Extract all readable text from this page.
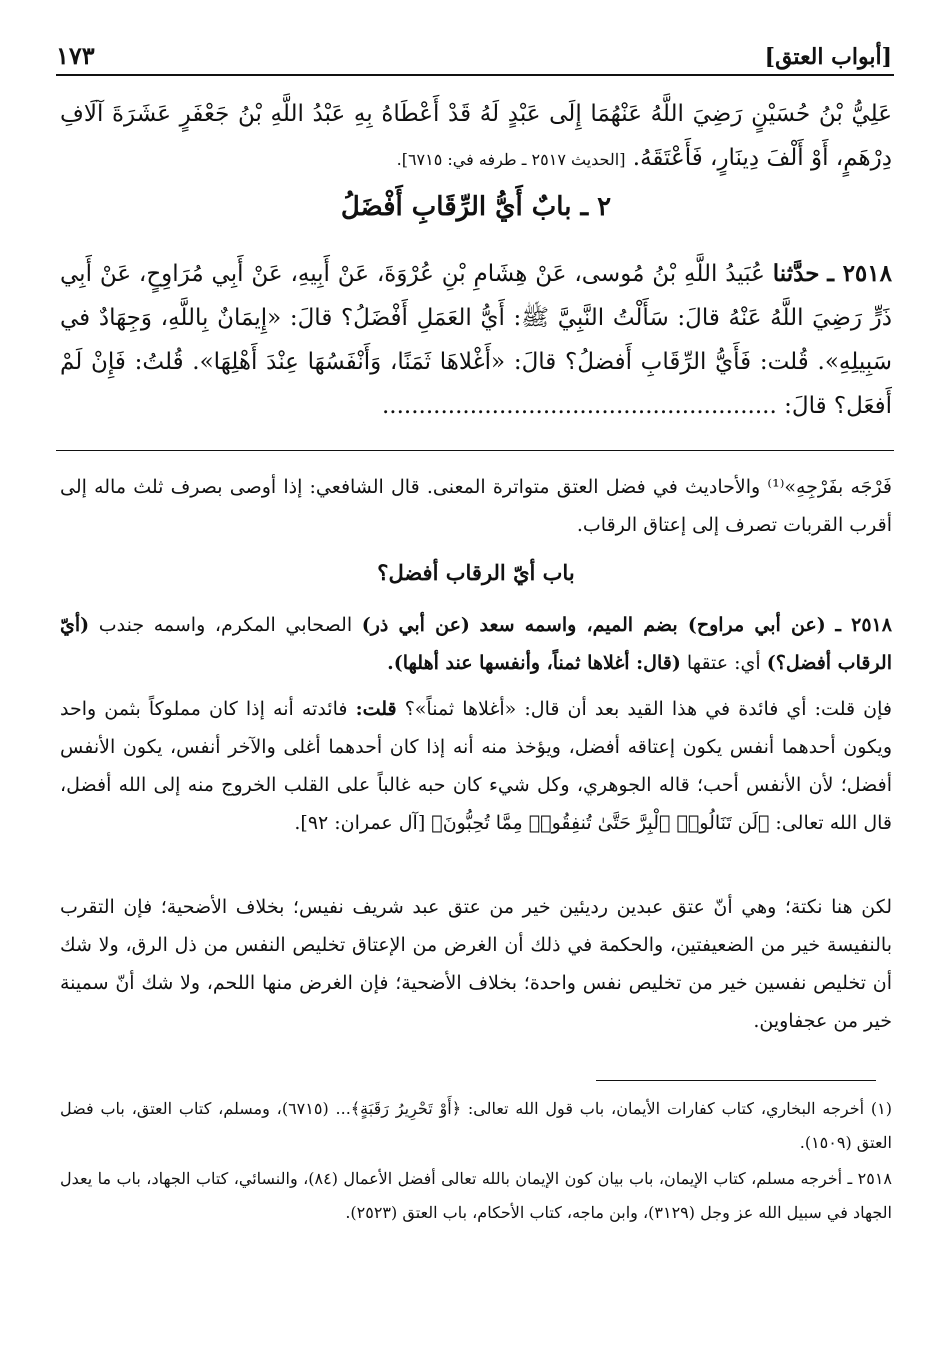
١٧٣	[أبواب العتق]
عَلِيُّ بْنُ حُسَيْنٍ رَضِيَ اللَّهُ عَنْهُمَا إِلَى عَبْدٍ لَهُ قَدْ أَعْطَاهُ بِهِ عَبْدُ اللَّهِ بْنُ جَعْفَرٍ عَشَرَةَ آلَافِ دِرْهَمٍ، أَوْ أَلْفَ دِينَارٍ، فَأَعْتَقَهُ. [الحديث ٢٥١٧ ـ طرفه في: ٦٧١٥].
٢ ـ بابٌ أَيُّ الرِّقَابِ أَفْضَلُ
٢٥١٨ ـ حدَّثنا عُبَيدُ اللَّهِ بْنُ مُوسى، عَنْ هِشَامِ بْنِ عُرْوَةَ، عَنْ أَبِيهِ، عَنْ أَبِي مُرَاوِحٍ، عَنْ أَبِي ذَرٍّ رَضِيَ اللَّهُ عَنْهُ قالَ: سَأَلْتُ النَّبِيَّ ﷺ: أَيُّ العَمَلِ أَفْضَلُ؟ قالَ: «إِيمَانٌ بِاللَّهِ، وَجِهَادٌ في سَبِيلِهِ». قُلت: فَأَيُّ الرِّقَابِ أَفضلُ؟ قالَ: «أَغْلاهَا ثَمَنًا، وَأَنْفَسُهَا عِنْدَ أَهْلِهَا». قُلتُ: فَإِنْ لَمْ أَفعَل؟ قالَ: ......................................................
فَرْجَه بفَرْجِهِ»⁽¹⁾ والأحاديث في فضل العتق متواترة المعنى. قال الشافعي: إذا أوصى بصرف ثلث ماله إلى أقرب القربات تصرف إلى إعتاق الرقاب.
باب أيّ الرقاب أفضل؟
٢٥١٨ ـ (عن أبي مراوح) بضم الميم، واسمه سعد (عن أبي ذر) الصحابي المكرم، واسمه جندب (أيّ الرقاب أفضل؟) أي: عتقها (قال: أغلاها ثمناً، وأنفسها عند أهلها).
فإن قلت: أي فائدة في هذا القيد بعد أن قال: «أغلاها ثمناً»؟ قلت: فائدته أنه إذا كان مملوكاً بثمن واحد ويكون أحدهما أنفس يكون إعتاقه أفضل، ويؤخذ منه أنه إذا كان أحدهما أغلى والآخر أنفس، يكون الأنفس أفضل؛ لأن الأنفس أحب؛ قاله الجوهري، وكل شيء كان حبه غالباً على القلب الخروج منه إلى الله أفضل، قال الله تعالى: ﴿لَن تَنَالُوا۟ ٱلْبِرَّ حَتَّىٰ تُنفِقُوا۟ مِمَّا تُحِبُّونَ﴾ [آل عمران: ٩٢].
لكن هنا نكتة؛ وهي أنّ عتق عبدين رديئين خير من عتق عبد شريف نفيس؛ بخلاف الأضحية؛ فإن التقرب بالنفيسة خير من الضعيفتين، والحكمة في ذلك أن الغرض من الإعتاق تخليص النفس من ذل الرق، ولا شك أن تخليص نفسين خير من تخليص نفس واحدة؛ بخلاف الأضحية؛ فإن الغرض منها اللحم، ولا شك أنّ سمينة خير من عجفاوين.
(١) أخرجه البخاري، كتاب كفارات الأيمان، باب قول الله تعالى: ﴿أَوْ تَحْرِيرُ رَقَبَةٍ﴾... (٦٧١٥)، ومسلم، كتاب العتق، باب فضل العتق (١٥٠٩).
٢٥١٨ ـ أخرجه مسلم، كتاب الإيمان، باب بيان كون الإيمان بالله تعالى أفضل الأعمال (٨٤)، والنسائي، كتاب الجهاد، باب ما يعدل الجهاد في سبيل الله عز وجل (٣١٢٩)، وابن ماجه، كتاب الأحكام، باب العتق (٢٥٢٣).
